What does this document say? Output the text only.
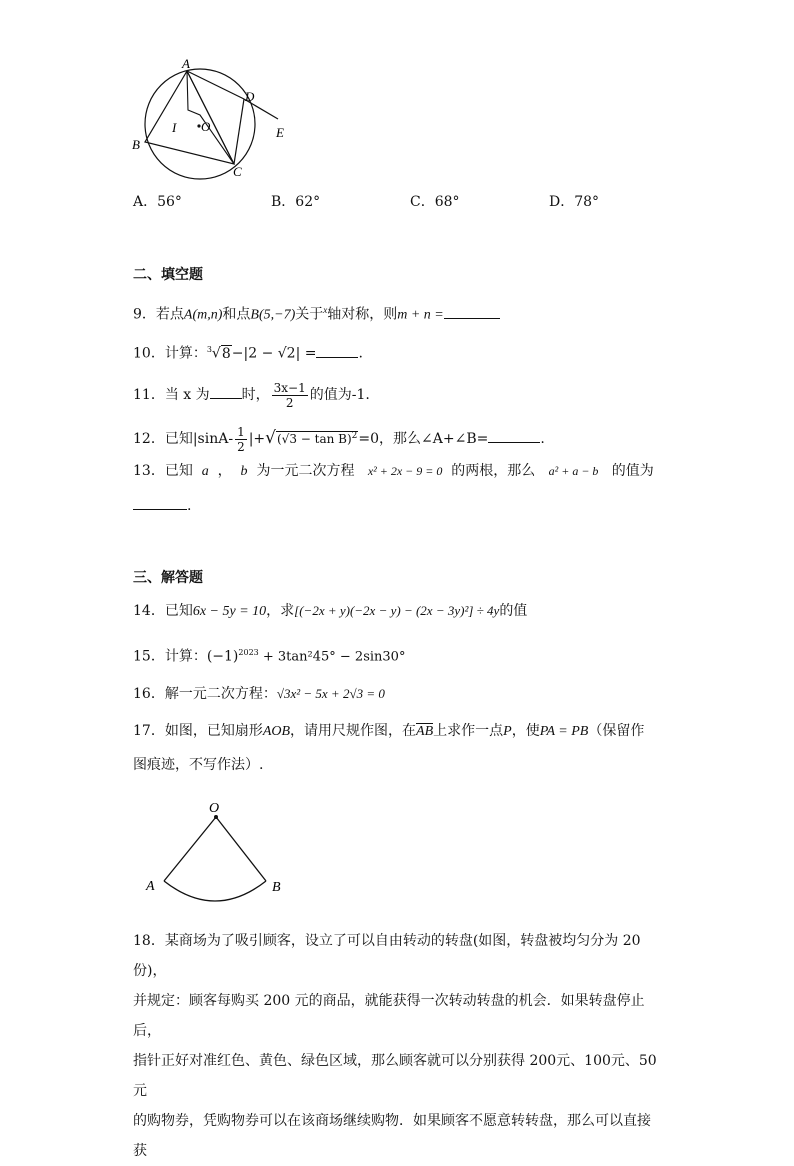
A
B
C
D
E
I O
A．56°	B．62°	C．68°	D．78°
二、填空题
9．若点A(m,n)和点B(5,−7)关于$^x$轴对称，则m + n =
10．计算：$^3$√8−|2 − √2| =	.
11．当 x 为 时， $\frac{3x-1}{2}$ 的值为-1.
12．已知$|\sin A- \frac{1}{2} |+√(√3 - \tan B)^2=0$，那么∠A+∠B=	.
13．已知 a ， b 为一元二次方程 x² + 2x − 9 = 0 的两根，那么 a² + a − b 的值为
.
三、解答题
14．已知6x − 5y = 10，求[(−2x + y)(−2x − y) − (2x − 3y)²] ÷ 4y的值
15．计算：$(-1)^{2023} + 3\tan^245^\circ - 2\sin 30^\circ$
16．解一元二次方程：√3x² − 5x + 2√3 = 0
17．如图，已知扇形AOB，请用尺规作图，在AB上求作一点P，使PA = PB（保留作
图痕迹，不写作法）.
O
A	B
18．某商场为了吸引顾客，设立了可以自由转动的转盘(如图，转盘被均匀分为 20 份)，
并规定：顾客每购买 200 元的商品，就能获得一次转动转盘的机会．如果转盘停止后，
指针正好对准红色、黄色、绿色区域，那么顾客就可以分别获得 200元、100元、50元
的购物券，凭购物券可以在该商场继续购物．如果顾客不愿意转转盘，那么可以直接获
